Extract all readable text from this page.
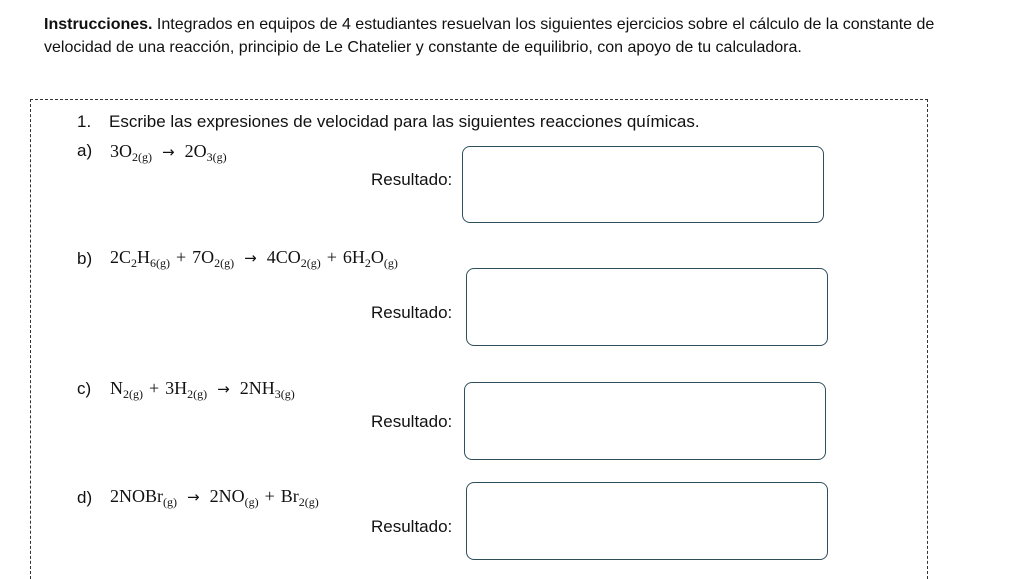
Instrucciones. Integrados en equipos de 4 estudiantes resuelvan los siguientes ejercicios sobre el cálculo de la constante de velocidad de una reacción, principio de Le Chatelier y constante de equilibrio, con apoyo de tu calculadora.
1. Escribe las expresiones de velocidad para las siguientes reacciones químicas.
a) $3O_{2(g)} \to 2O_{3(g)}$
Resultado:
b) $2C_2H_{6(g)} + 7O_{2(g)} \to 4CO_{2(g)} + 6H_2O_{(g)}$
Resultado:
c) $N_{2(g)} + 3H_{2(g)} \to 2NH_{3(g)}$
Resultado:
d) 2NOBr$_{(g)}$ → $2NO_{(g)} + Br_{2(g)}$
Resultado:
